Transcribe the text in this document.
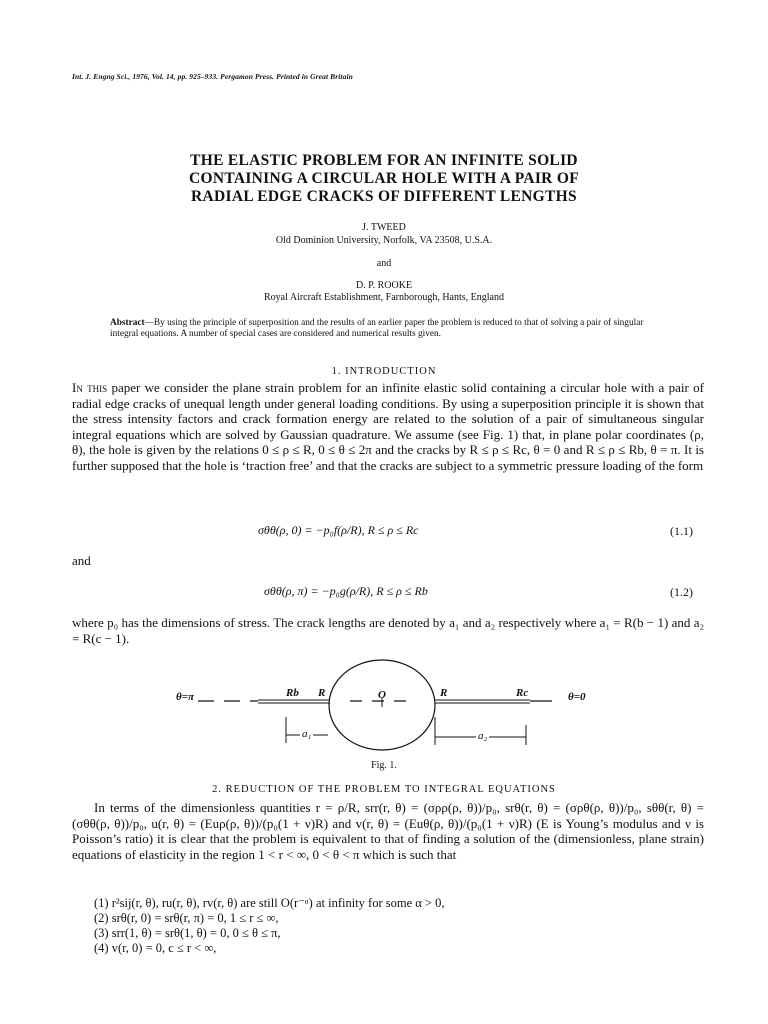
Int. J. Engng Sci., 1976, Vol. 14, pp. 925–933. Pergamon Press. Printed in Great Britain
THE ELASTIC PROBLEM FOR AN INFINITE SOLID
CONTAINING A CIRCULAR HOLE WITH A PAIR OF
RADIAL EDGE CRACKS OF DIFFERENT LENGTHS
J. TWEED
Old Dominion University, Norfolk, VA 23508, U.S.A.
and
D. P. ROOKE
Royal Aircraft Establishment, Farnborough, Hants, England
Abstract—By using the principle of superposition and the results of an earlier paper the problem is reduced to that of solving a pair of singular integral equations. A number of special cases are considered and numerical results given.
1. INTRODUCTION
In this paper we consider the plane strain problem for an infinite elastic solid containing a circular hole with a pair of radial edge cracks of unequal length under general loading conditions. By using a superposition principle it is shown that the stress intensity factors and crack formation energy are related to the solution of a pair of simultaneous singular integral equations which are solved by Gaussian quadrature. We assume (see Fig. 1) that, in plane polar coordinates (ρ, θ), the hole is given by the relations 0 ≤ ρ ≤ R, 0 ≤ θ ≤ 2π and the cracks by R ≤ ρ ≤ Rc, θ = 0 and R ≤ ρ ≤ Rb, θ = π. It is further supposed that the hole is ‘traction free’ and that the cracks are subject to a symmetric pressure loading of the form
σθθ(ρ, 0) = −p₀f(ρ/R), R ≤ ρ ≤ Rc	(1.1)
and
σθθ(ρ, π) = −p₀g(ρ/R), R ≤ ρ ≤ Rb	(1.2)
where p₀ has the dimensions of stress. The crack lengths are denoted by a₁ and a₂ respectively where a₁ = R(b − 1) and a₂ = R(c − 1).
θ=π	θ=0
Rb R	O	R	Rc
a₁	a₂
Fig. 1.
2. REDUCTION OF THE PROBLEM TO INTEGRAL EQUATIONS
In terms of the dimensionless quantities r = ρ/R, srr(r, θ) = (σρρ(ρ, θ))/p₀, srθ(r, θ) = (σρθ(ρ, θ))/p₀, sθθ(r, θ) = (σθθ(ρ, θ))/p₀, u(r, θ) = (Euρ(ρ, θ))/(p₀(1 + ν)R) and v(r, θ) = (Euθ(ρ, θ))/(p₀(1 + ν)R) (E is Young’s modulus and ν is Poisson’s ratio) it is clear that the problem is equivalent to that of finding a solution of the (dimensionless, plane strain) equations of elasticity in the region 1 < r < ∞, 0 < θ < π which is such that
(1) r²sij(r, θ), ru(r, θ), rv(r, θ) are still O(r⁻ᵅ) at infinity for some α > 0,
(2) srθ(r, 0) = srθ(r, π) = 0, 1 ≤ r ≤ ∞,
(3) srr(1, θ) = srθ(1, θ) = 0, 0 ≤ θ ≤ π,
(4) v(r, 0) = 0, c ≤ r < ∞,
